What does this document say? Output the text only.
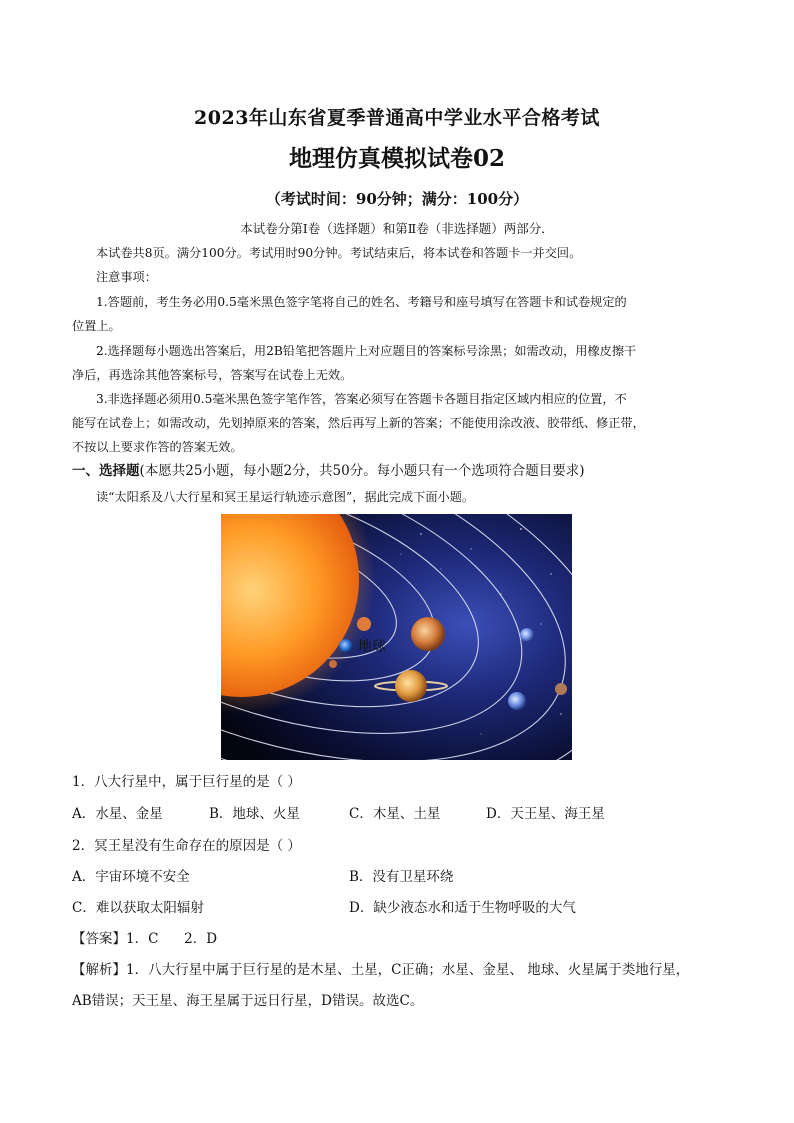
2023年山东省夏季普通高中学业水平合格考试
地理仿真模拟试卷02
（考试时间：90分钟；满分：100分）
本试卷分第Ⅰ卷（选择题）和第Ⅱ卷（非选择题）两部分．
本试卷共8页。满分100分。考试用时90分钟。考试结束后，将本试卷和答题卡一并交回。
注意事项：
1.答题前，考生务必用0.5毫米黑色签字笔将自己的姓名、考籍号和座号填写在答题卡和试卷规定的
位置上。
2.选择题每小题选出答案后，用2B铅笔把答题片上对应题目的答案标号涂黑；如需改动，用橡皮擦干
净后，再选涂其他答案标号，答案写在试卷上无效。
3.非选择题必须用0.5毫米黑色签字笔作答，答案必须写在答题卡各题目指定区域内相应的位置，不
能写在试卷上；如需改动，先划掉原来的答案，然后再写上新的答案；不能使用涂改液、胶带纸、修正带，
不按以上要求作答的答案无效。
一、选择题(本愿共25小题，每小题2分，共50分。每小题只有一个选项符合题目要求)
读“太阳系及八大行星和冥王星运行轨迹示意图”，据此完成下面小题。
地球
1．八大行星中，属于巨行星的是（ ）
A．水星、金星	B．地球、火星	C．木星、土星	D．天王星、海王星
2．冥王星没有生命存在的原因是（ ）
A．宇宙环境不安全	B．没有卫星环绕
C．难以获取太阳辐射	D．缺少液态水和适于生物呼吸的大气
【答案】1．C      2．D
【解析】1．八大行星中属于巨行星的是木星、土星，C正确；水星、金星、 地球、火星属于类地行星，
AB错误；天王星、海王星属于远日行星，D错误。故选C。
